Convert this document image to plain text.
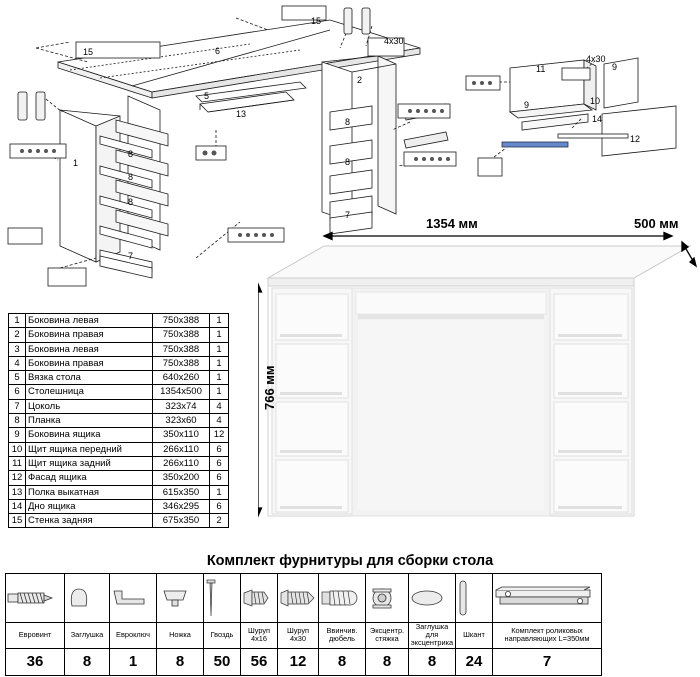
15
15	6
2
1
5
13
8
8
8
8
8
7
7
4х30
11	9
9	10
14
12
4х30
1	Боковина левая	750х388	1
2	Боковина правая	750х388	1
3	Боковина левая	750х388	1
4	Боковина правая	750х388	1
5	Вязка стола	640х260	1
6	Столешница	1354х500	1
7	Цоколь	323х74	4
8	Планка	323х60	4
9	Боковина ящика	350х110	12
10	Щит ящика передний	266х110	6
11	Щит ящика задний	266х110	6
12	Фасад ящика	350х200	6
13	Полка выкатная	615х350	1
14	Дно ящика	346х295	6
15	Стенка задняя	675х350	2
1354 мм	500 мм
766 мм
Комплект фурнитуры для сборки стола

Евровинт	Заглушка	Евроключ	Ножка	Гвоздь	Шуруп 4х16	Шуруп 4х30	Ввинчив. дюбель	Эксцентр. стяжка	Заглушка для эксцентрика	Шкант	Комплект роликовых направляющих L=350мм
36	8	1	8	50	56	12	8	8	8	24	7
